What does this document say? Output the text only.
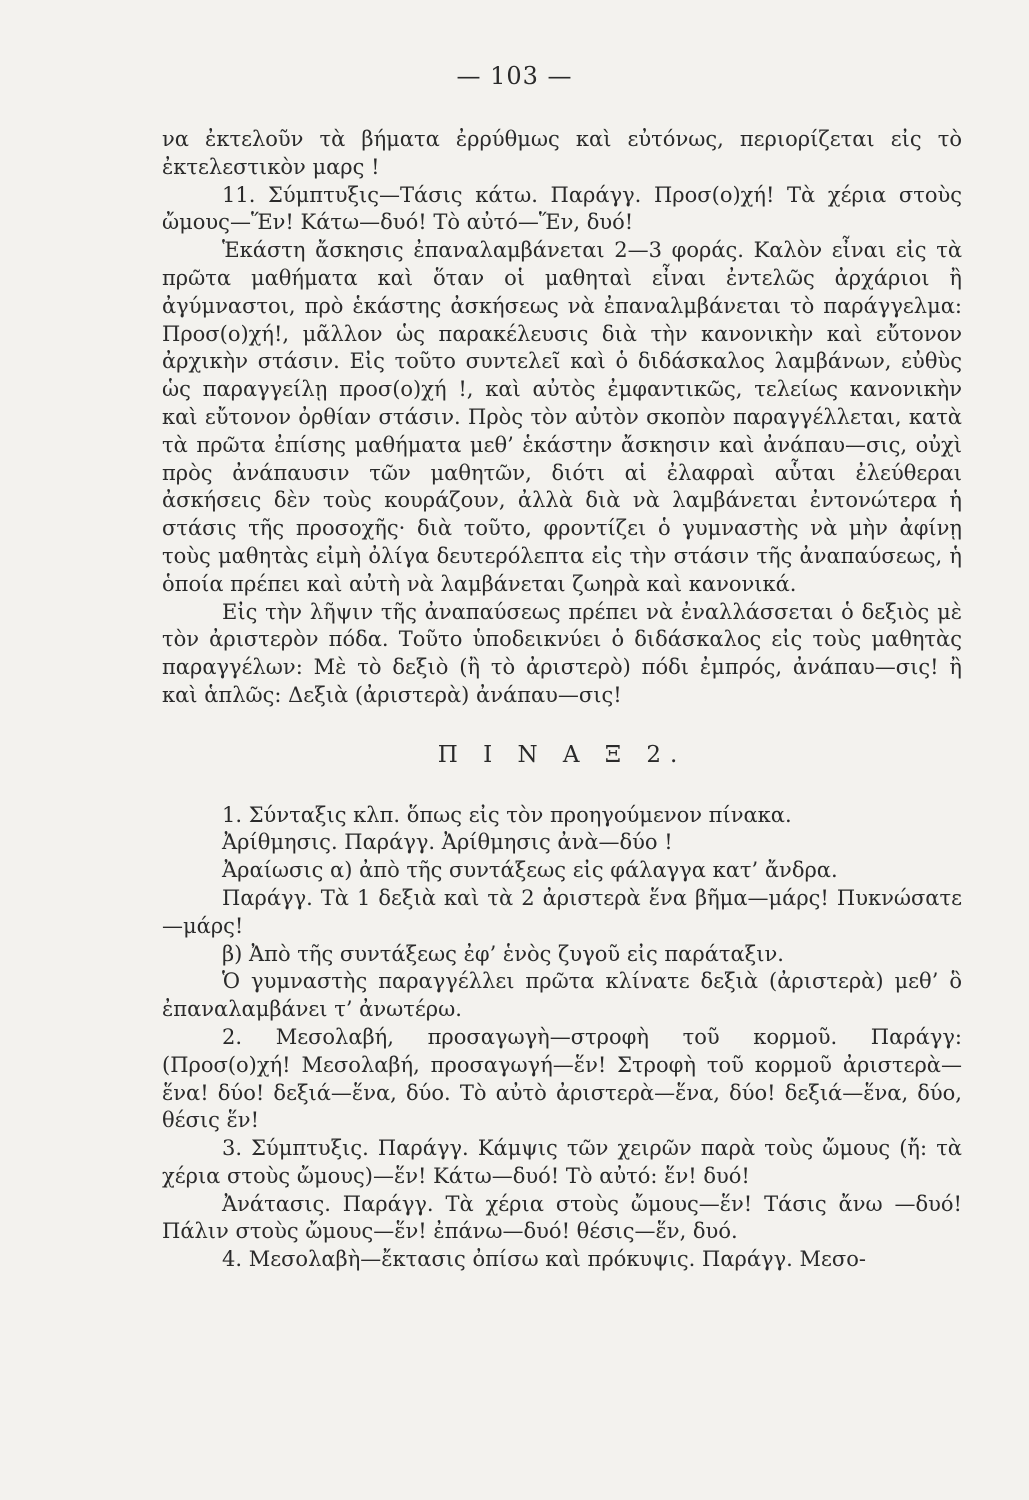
— 103 —

να ἐκτελοῦν τὰ βήματα ἐρρύθμως καὶ εὐτόνως, περιορίζεται εἰς τὸ ἐκτελεστικὸν μαρς !

11. Σύμπτυξις—Τάσις κάτω. Παράγγ. Προσ(ο)χή! Τὰ χέρια στοὺς ὤμους—Ἕν! Κάτω—δυό! Τὸ αὐτό—Ἕν, δυό!

Ἑκάστη ἄσκησις ἐπαναλαμβάνεται 2—3 φοράς. Καλὸν εἶναι εἰς τὰ πρῶτα μαθήματα καὶ ὅταν οἱ μαθηταὶ εἶναι ἐντελῶς ἀρχάριοι ἢ ἀγύμναστοι, πρὸ ἑκάστης ἀσκήσεως νὰ ἐπαναλμβάνεται τὸ παράγγελμα: Προσ(ο)χή!, μᾶλλον ὡς παρακέλευσις διὰ τὴν κανονικὴν καὶ εὔτονον ἀρχικὴν στάσιν. Εἰς τοῦτο συντελεῖ καὶ ὁ διδάσκαλος λαμβάνων, εὐθὺς ὡς παραγγείλῃ προσ(ο)χή !, καὶ αὐτὸς ἐμφαντικῶς, τελείως κανονικὴν καὶ εὔτονον ὀρθίαν στάσιν. Πρὸς τὸν αὐτὸν σκοπὸν παραγγέλλεται, κατὰ τὰ πρῶτα ἐπίσης μαθήματα μεθ’ ἑκάστην ἄσκησιν καὶ ἀνάπαυ—σις, οὐχὶ πρὸς ἀνάπαυσιν τῶν μαθητῶν, διότι αἱ ἐλαφραὶ αὗται ἐλεύθεραι ἀσκήσεις δὲν τοὺς κουράζουν, ἀλλὰ διὰ νὰ λαμβάνεται ἐντονώτερα ἡ στάσις τῆς προσοχῆς· διὰ τοῦτο, φροντίζει ὁ γυμναστὴς νὰ μὴν ἀφίνῃ τοὺς μαθητὰς εἰμὴ ὀλίγα δευτερόλεπτα εἰς τὴν στάσιν τῆς ἀναπαύσεως, ἡ ὁποία πρέπει καὶ αὐτὴ νὰ λαμβάνεται ζωηρὰ καὶ κανονικά.

Εἰς τὴν λῆψιν τῆς ἀναπαύσεως πρέπει νὰ ἐναλλάσσεται ὁ δεξιὸς μὲ τὸν ἀριστερὸν πόδα. Τοῦτο ὑποδεικνύει ὁ διδάσκαλος εἰς τοὺς μαθητὰς παραγγέλων: Μὲ τὸ δεξιὸ (ἢ τὸ ἀριστερὸ) πόδι ἐμπρός, ἀνάπαυ—σις! ἢ καὶ ἁπλῶς: Δεξιὰ (ἀριστερὰ) ἀνάπαυ—σις!

Π Ι Ν Α Ξ 2.

1. Σύνταξις κλπ. ὅπως εἰς τὸν προηγούμενον πίνακα.

Ἀρίθμησις. Παράγγ. Ἀρίθμησις ἀνὰ—δύο !

Ἀραίωσις α) ἀπὸ τῆς συντάξεως εἰς φάλαγγα κατ’ ἄνδρα.

Παράγγ. Τὰ 1 δεξιὰ καὶ τὰ 2 ἀριστερὰ ἕνα βῆμα—μάρς! Πυκνώσατε—μάρς!

β) Ἀπὸ τῆς συντάξεως ἐφ’ ἑνὸς ζυγοῦ εἰς παράταξιν.

Ὁ γυμναστὴς παραγγέλλει πρῶτα κλίνατε δεξιὰ (ἀριστερὰ) μεθ’ ὃ ἐπαναλαμβάνει τ’ ἀνωτέρω.

2. Μεσολαβή, προσαγωγὴ—στροφὴ τοῦ κορμοῦ. Παράγγ: (Προσ(ο)χή! Μεσολαβή, προσαγωγή—ἕν! Στροφὴ τοῦ κορμοῦ ἀριστερὰ—ἕνα! δύο! δεξιά—ἕνα, δύο. Τὸ αὐτὸ ἀριστερὰ—ἕνα, δύο! δεξιά—ἕνα, δύο, θέσις ἕν!

3. Σύμπτυξις. Παράγγ. Κάμψις τῶν χειρῶν παρὰ τοὺς ὤμους (ἤ: τὰ χέρια στοὺς ὤμους)—ἕν! Κάτω—δυό! Τὸ αὐτό: ἕν! δυό!

Ἀνάτασις. Παράγγ. Τὰ χέρια στοὺς ὤμους—ἕν! Τάσις ἄνω —δυό! Πάλιν στοὺς ὤμους—ἕν! ἐπάνω—δυό! θέσις—ἕν, δυό.

4. Μεσολαβὴ—ἔκτασις ὀπίσω καὶ πρόκυψις. Παράγγ. Μεσο-
